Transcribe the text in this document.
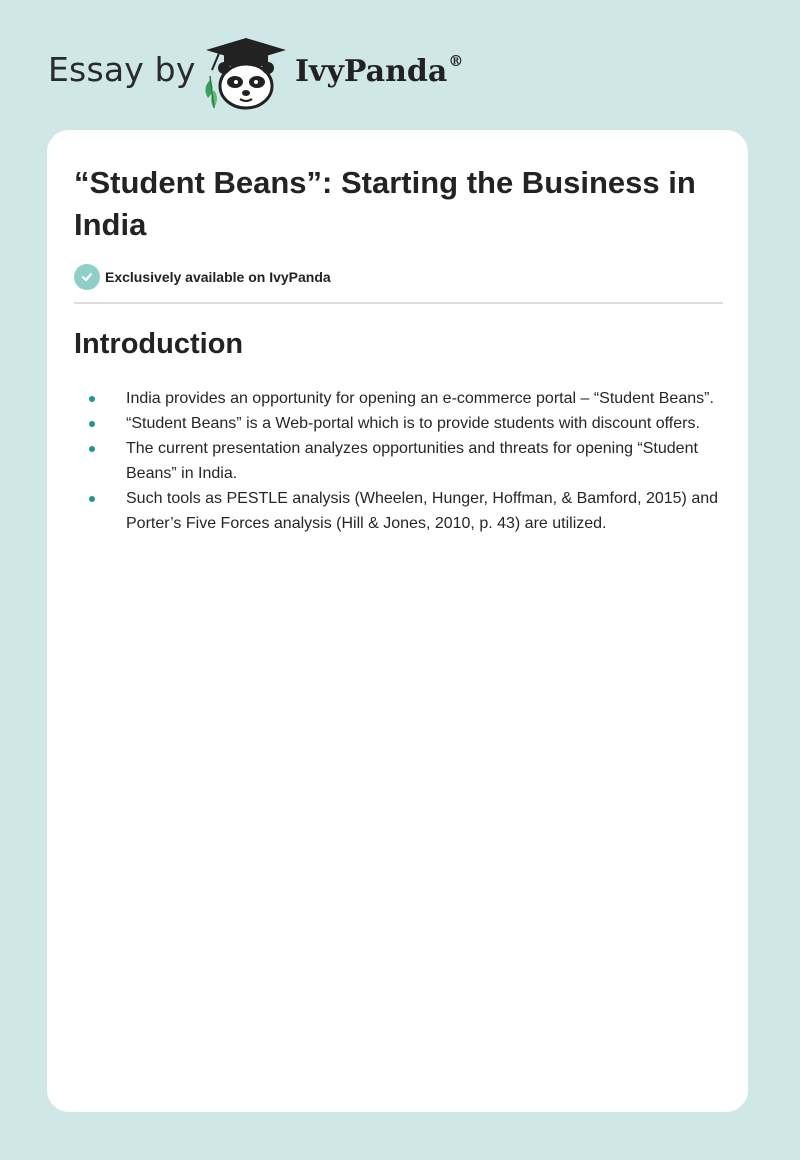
Essay by	IvyPanda®
“Student Beans”: Starting the Business in India
Exclusively available on IvyPanda
Introduction
India provides an opportunity for opening an e-commerce portal – “Student Beans”.
“Student Beans” is a Web-portal which is to provide students with discount offers.
The current presentation analyzes opportunities and threats for opening “Student Beans” in India.
Such tools as PESTLE analysis (Wheelen, Hunger, Hoffman, & Bamford, 2015) and Porter’s Five Forces analysis (Hill & Jones, 2010, p. 43) are utilized.
